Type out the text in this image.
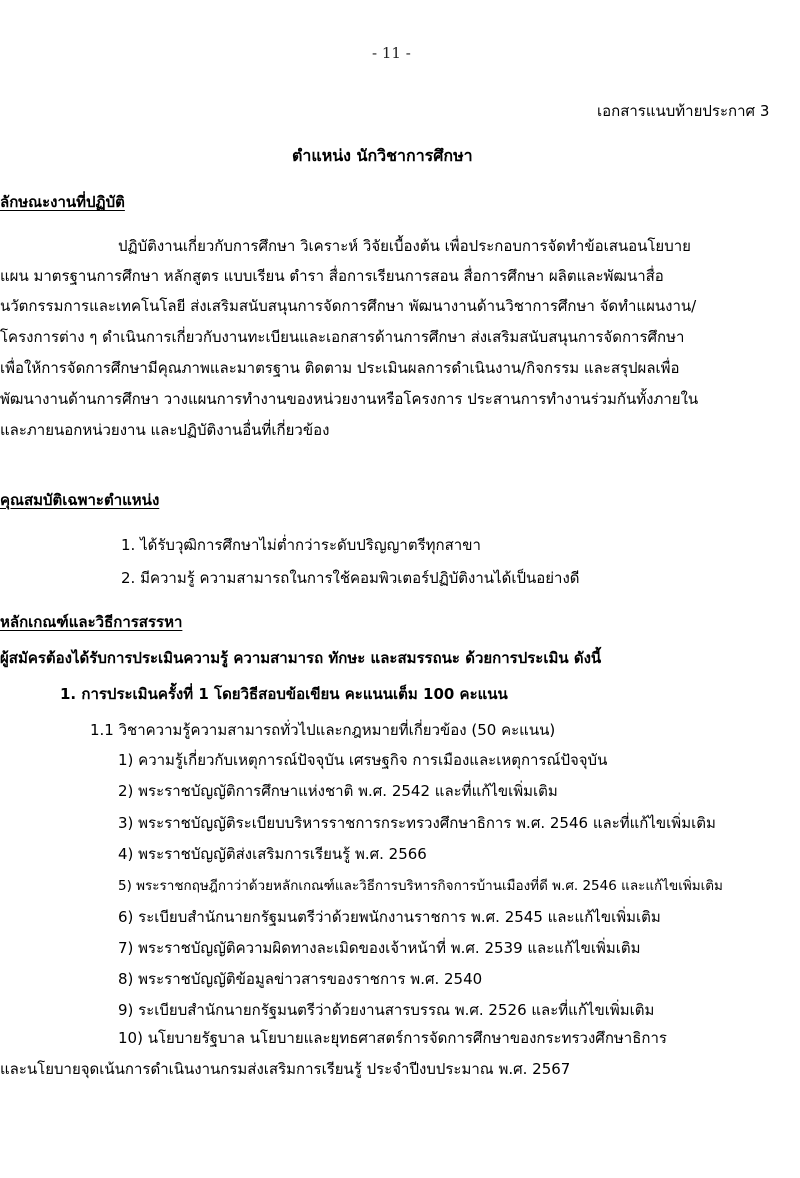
- 11 -
เอกสารแนบท้ายประกาศ 3
ตำแหน่ง นักวิชาการศึกษา
ลักษณะงานที่ปฏิบัติ
ปฏิบัติงานเกี่ยวกับการศึกษา วิเคราะห์ วิจัยเบื้องต้น เพื่อประกอบการจัดทำข้อเสนอนโยบาย
แผน มาตรฐานการศึกษา หลักสูตร แบบเรียน ตำรา สื่อการเรียนการสอน สื่อการศึกษา ผลิตและพัฒนาสื่อ
นวัตกรรมการและเทคโนโลยี ส่งเสริมสนับสนุนการจัดการศึกษา พัฒนางานด้านวิชาการศึกษา จัดทำแผนงาน/
โครงการต่าง ๆ ดำเนินการเกี่ยวกับงานทะเบียนและเอกสารด้านการศึกษา ส่งเสริมสนับสนุนการจัดการศึกษา
เพื่อให้การจัดการศึกษามีคุณภาพและมาตรฐาน ติดตาม ประเมินผลการดำเนินงาน/กิจกรรม และสรุปผลเพื่อ
พัฒนางานด้านการศึกษา วางแผนการทำงานของหน่วยงานหรือโครงการ ประสานการทำงานร่วมกันทั้งภายใน
และภายนอกหน่วยงาน และปฏิบัติงานอื่นที่เกี่ยวข้อง
คุณสมบัติเฉพาะตำแหน่ง
1. ได้รับวุฒิการศึกษาไม่ต่ำกว่าระดับปริญญาตรีทุกสาขา
2. มีความรู้ ความสามารถในการใช้คอมพิวเตอร์ปฏิบัติงานได้เป็นอย่างดี
หลักเกณฑ์และวิธีการสรรหา
ผู้สมัครต้องได้รับการประเมินความรู้ ความสามารถ ทักษะ และสมรรถนะ ด้วยการประเมิน ดังนี้
1. การประเมินครั้งที่ 1 โดยวิธีสอบข้อเขียน คะแนนเต็ม 100 คะแนน
1.1 วิชาความรู้ความสามารถทั่วไปและกฎหมายที่เกี่ยวข้อง (50 คะแนน)
1) ความรู้เกี่ยวกับเหตุการณ์ปัจจุบัน เศรษฐกิจ การเมืองและเหตุการณ์ปัจจุบัน
2) พระราชบัญญัติการศึกษาแห่งชาติ พ.ศ. 2542 และที่แก้ไขเพิ่มเติม
3) พระราชบัญญัติระเบียบบริหารราชการกระทรวงศึกษาธิการ พ.ศ. 2546 และที่แก้ไขเพิ่มเติม
4) พระราชบัญญัติส่งเสริมการเรียนรู้ พ.ศ. 2566
5) พระราชกฤษฎีกาว่าด้วยหลักเกณฑ์และวิธีการบริหารกิจการบ้านเมืองที่ดี พ.ศ. 2546 และแก้ไขเพิ่มเติม
6) ระเบียบสำนักนายกรัฐมนตรีว่าด้วยพนักงานราชการ พ.ศ. 2545 และแก้ไขเพิ่มเติม
7) พระราชบัญญัติความผิดทางละเมิดของเจ้าหน้าที่ พ.ศ. 2539 และแก้ไขเพิ่มเติม
8) พระราชบัญญัติข้อมูลข่าวสารของราชการ พ.ศ. 2540
9) ระเบียบสำนักนายกรัฐมนตรีว่าด้วยงานสารบรรณ พ.ศ. 2526 และที่แก้ไขเพิ่มเติม
10) นโยบายรัฐบาล นโยบายและยุทธศาสตร์การจัดการศึกษาของกระทรวงศึกษาธิการ
และนโยบายจุดเน้นการดำเนินงานกรมส่งเสริมการเรียนรู้ ประจำปีงบประมาณ พ.ศ. 2567
